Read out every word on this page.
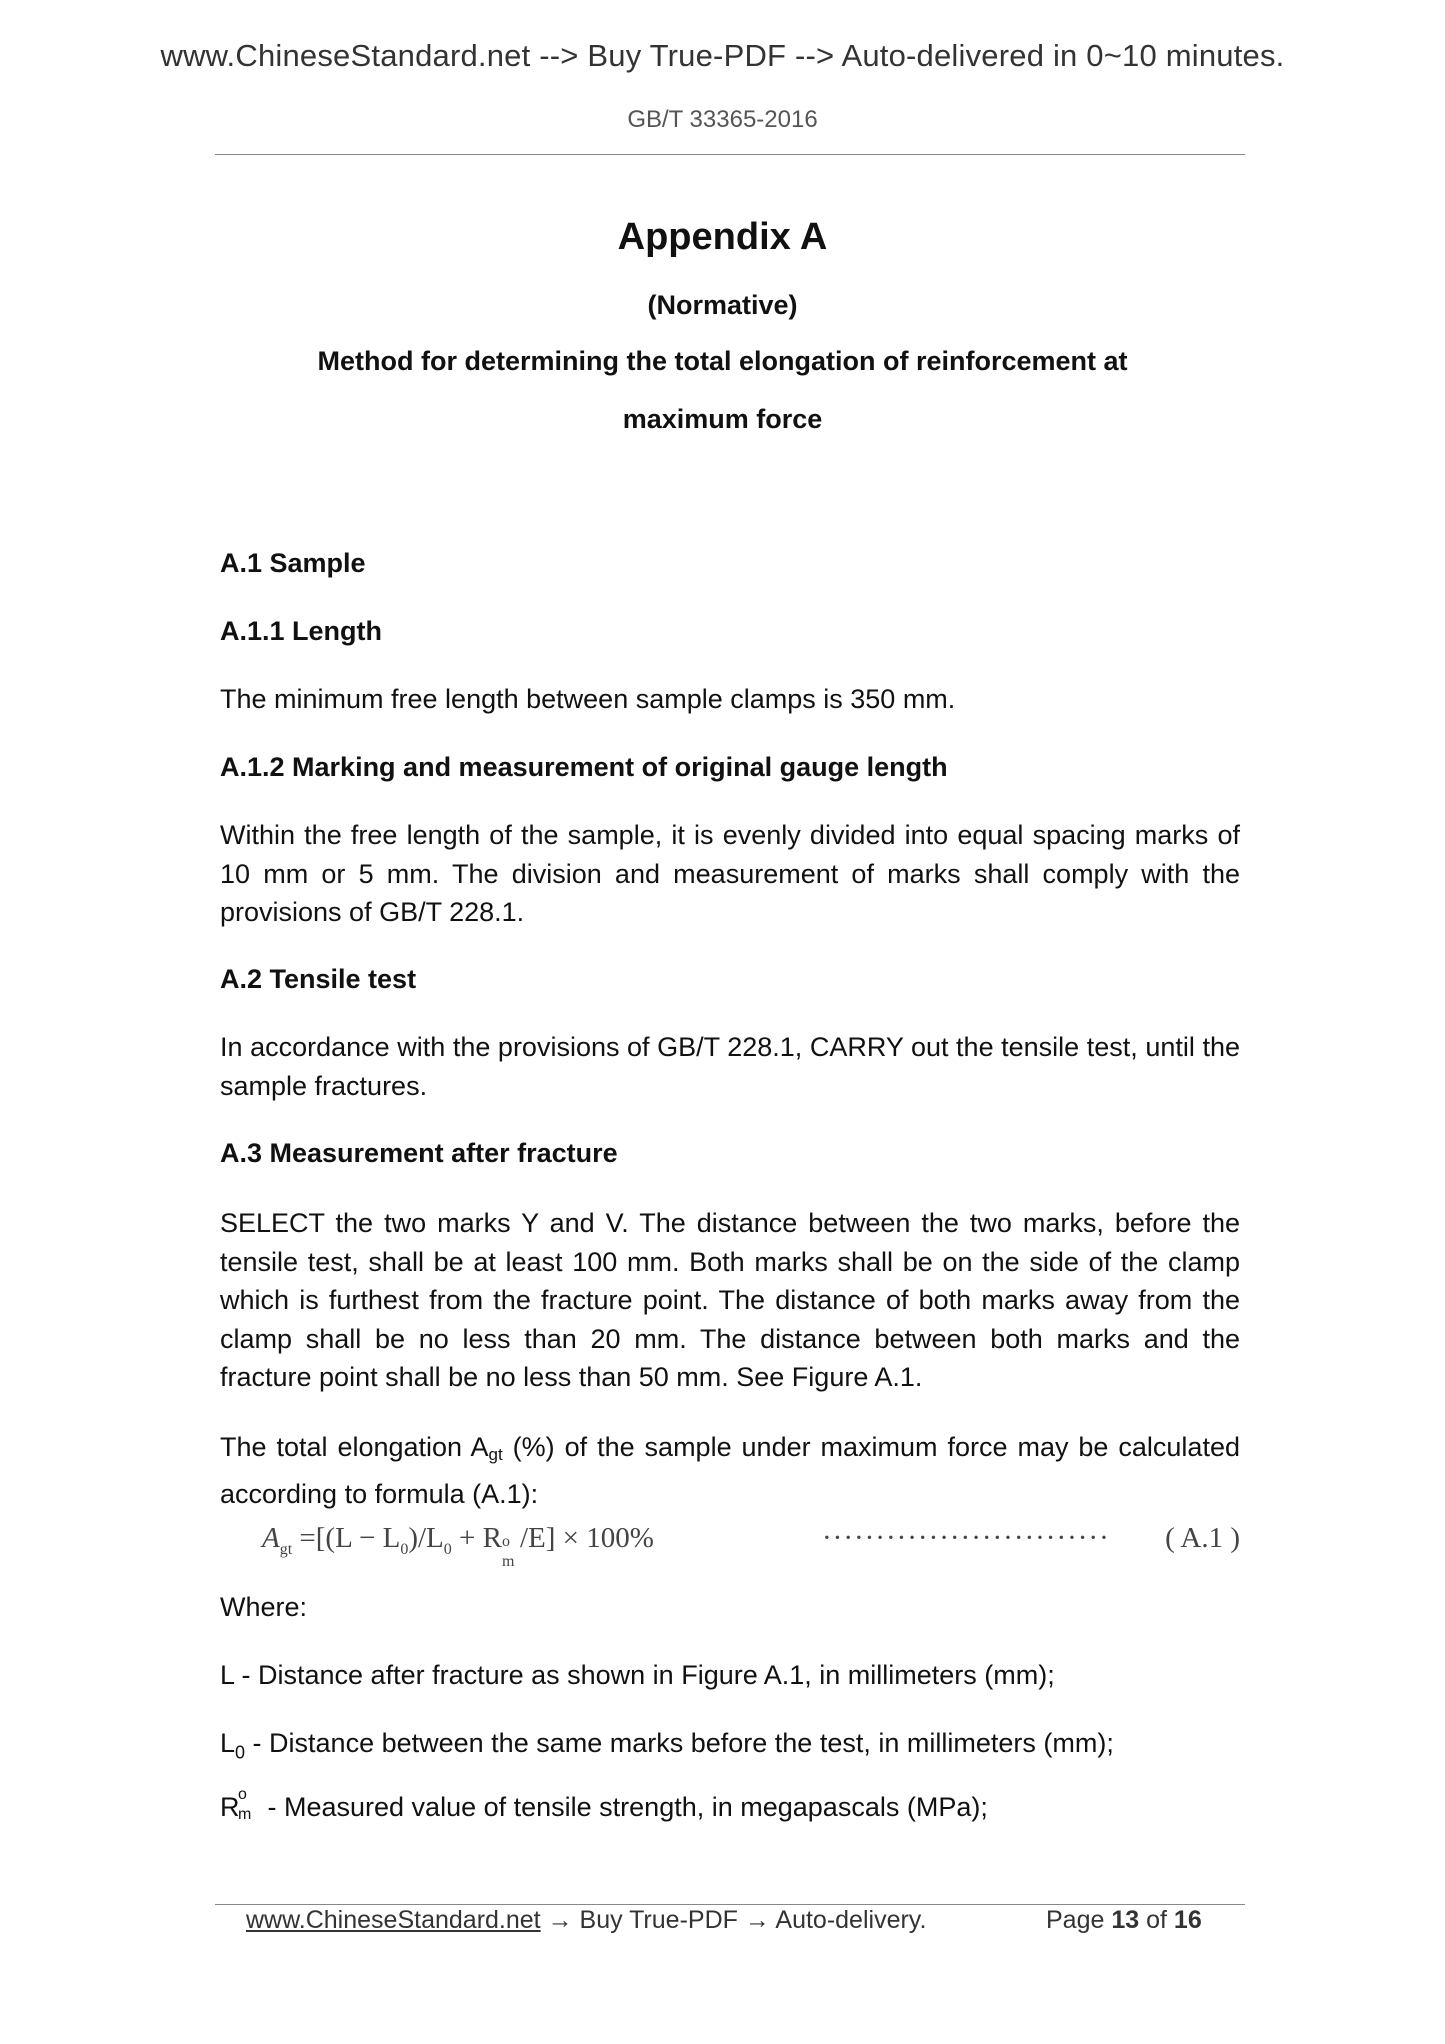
www.ChineseStandard.net --> Buy True-PDF --> Auto-delivered in 0~10 minutes.
GB/T 33365-2016
Appendix A
(Normative)
Method for determining the total elongation of reinforcement at
maximum force
A.1 Sample
A.1.1 Length
The minimum free length between sample clamps is 350 mm.
A.1.2 Marking and measurement of original gauge length
Within the free length of the sample, it is evenly divided into equal spacing marks of 10 mm or 5 mm. The division and measurement of marks shall comply with the provisions of GB/T 228.1.
A.2 Tensile test
In accordance with the provisions of GB/T 228.1, CARRY out the tensile test, until the sample fractures.
A.3 Measurement after fracture
SELECT the two marks Y and V. The distance between the two marks, before the tensile test, shall be at least 100 mm. Both marks shall be on the side of the clamp which is furthest from the fracture point. The distance of both marks away from the clamp shall be no less than 20 mm. The distance between both marks and the fracture point shall be no less than 50 mm. See Figure A.1.
The total elongation $A_{gt}$ (%) of the sample under maximum force may be calculated according to formula (A.1):
$A_{gt} =[(L - L_0)/L_0 + R$ o
m
/E] × 100%	··························· ( A.1 )
Where:
L - Distance after fracture as shown in Figure A.1, in millimeters (mm);
$L_0$ - Distance between the same marks before the test, in millimeters (mm);
R
o
m - Measured value of tensile strength, in megapascals (MPa);
www.ChineseStandard.net → Buy True-PDF → Auto-delivery.	Page 13 of 16
